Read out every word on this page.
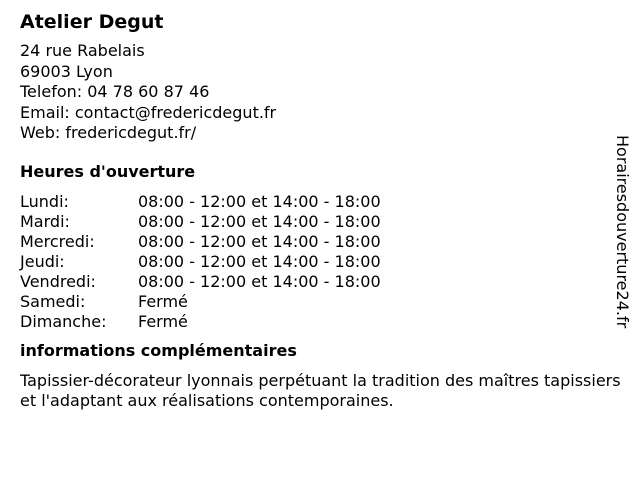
Atelier Degut
24 rue Rabelais
69003 Lyon
Telefon: 04 78 60 87 46
Email: contact@fredericdegut.fr
Web: fredericdegut.fr/
Heures d'ouverture
Lundi:	08:00 - 12:00 et 14:00 - 18:00
Mardi:	08:00 - 12:00 et 14:00 - 18:00
Mercredi:	08:00 - 12:00 et 14:00 - 18:00
Jeudi:	08:00 - 12:00 et 14:00 - 18:00
Vendredi:	08:00 - 12:00 et 14:00 - 18:00
Samedi:	Fermé
Dimanche:	Fermé
informations complémentaires
Tapissier-décorateur lyonnais perpétuant la tradition des maîtres tapissiers et l'adaptant aux réalisations contemporaines.
Horairesdouverture24.fr
